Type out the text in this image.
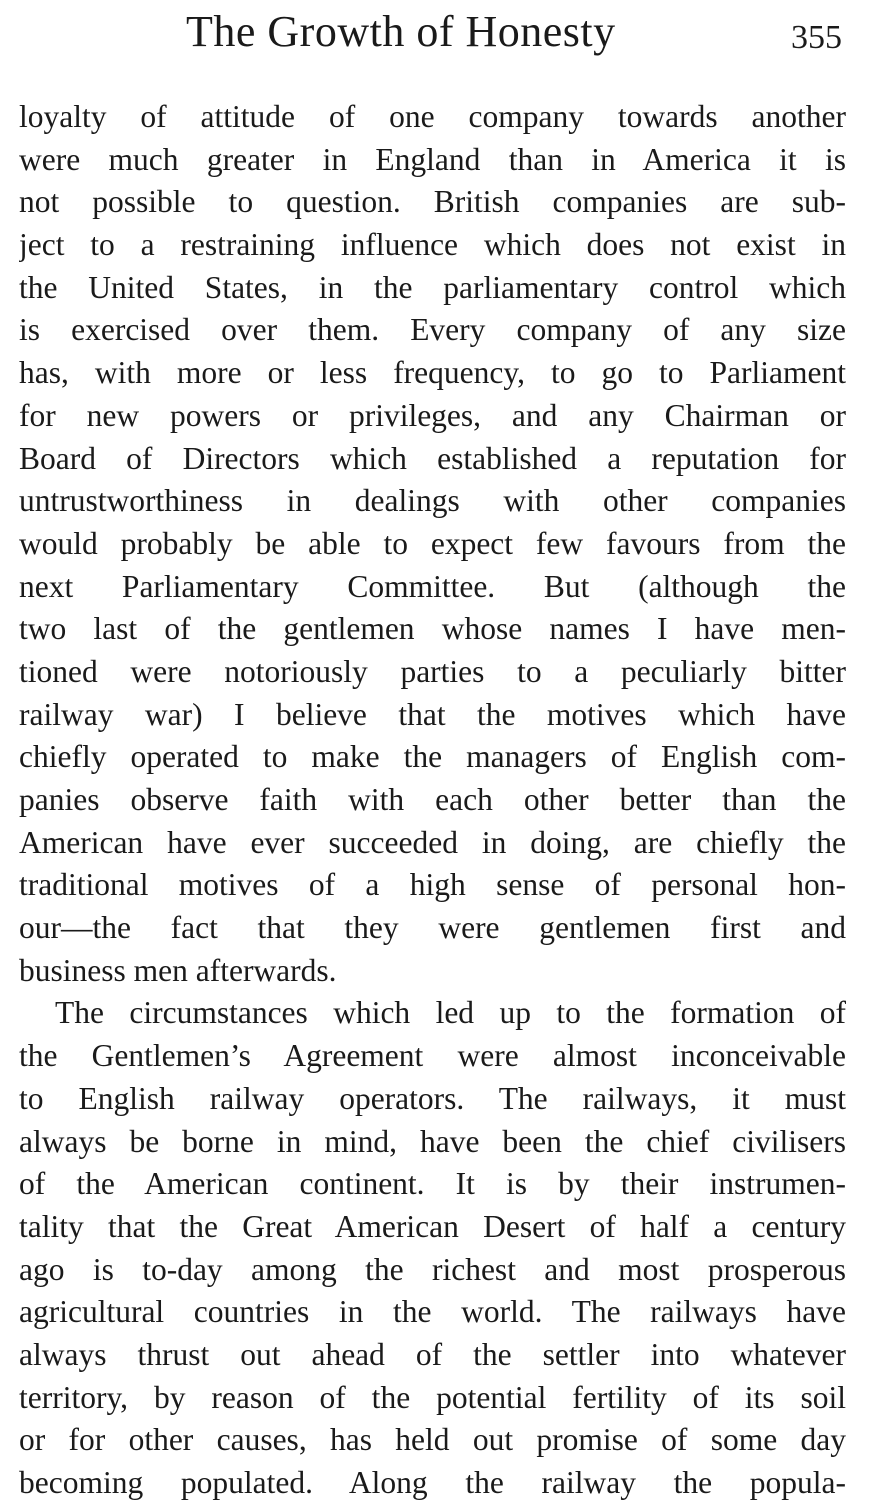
The Growth of Honesty	355
loyalty of attitude of one company towards another
were much greater in England than in America it is
not possible to question. British companies are sub-
ject to a restraining influence which does not exist in
the United States, in the parliamentary control which
is exercised over them. Every company of any size
has, with more or less frequency, to go to Parliament
for new powers or privileges, and any Chairman or
Board of Directors which established a reputation for
untrustworthiness in dealings with other companies
would probably be able to expect few favours from the
next Parliamentary Committee. But (although the
two last of the gentlemen whose names I have men-
tioned were notoriously parties to a peculiarly bitter
railway war) I believe that the motives which have
chiefly operated to make the managers of English com-
panies observe faith with each other better than the
American have ever succeeded in doing, are chiefly the
traditional motives of a high sense of personal hon-
our—the fact that they were gentlemen first and
business men afterwards.
The circumstances which led up to the formation of
the Gentlemen’s Agreement were almost inconceivable
to English railway operators. The railways, it must
always be borne in mind, have been the chief civilisers
of the American continent. It is by their instrumen-
tality that the Great American Desert of half a century
ago is to-day among the richest and most prosperous
agricultural countries in the world. The railways have
always thrust out ahead of the settler into whatever
territory, by reason of the potential fertility of its soil
or for other causes, has held out promise of some day
becoming populated. Along the railway the popula-
